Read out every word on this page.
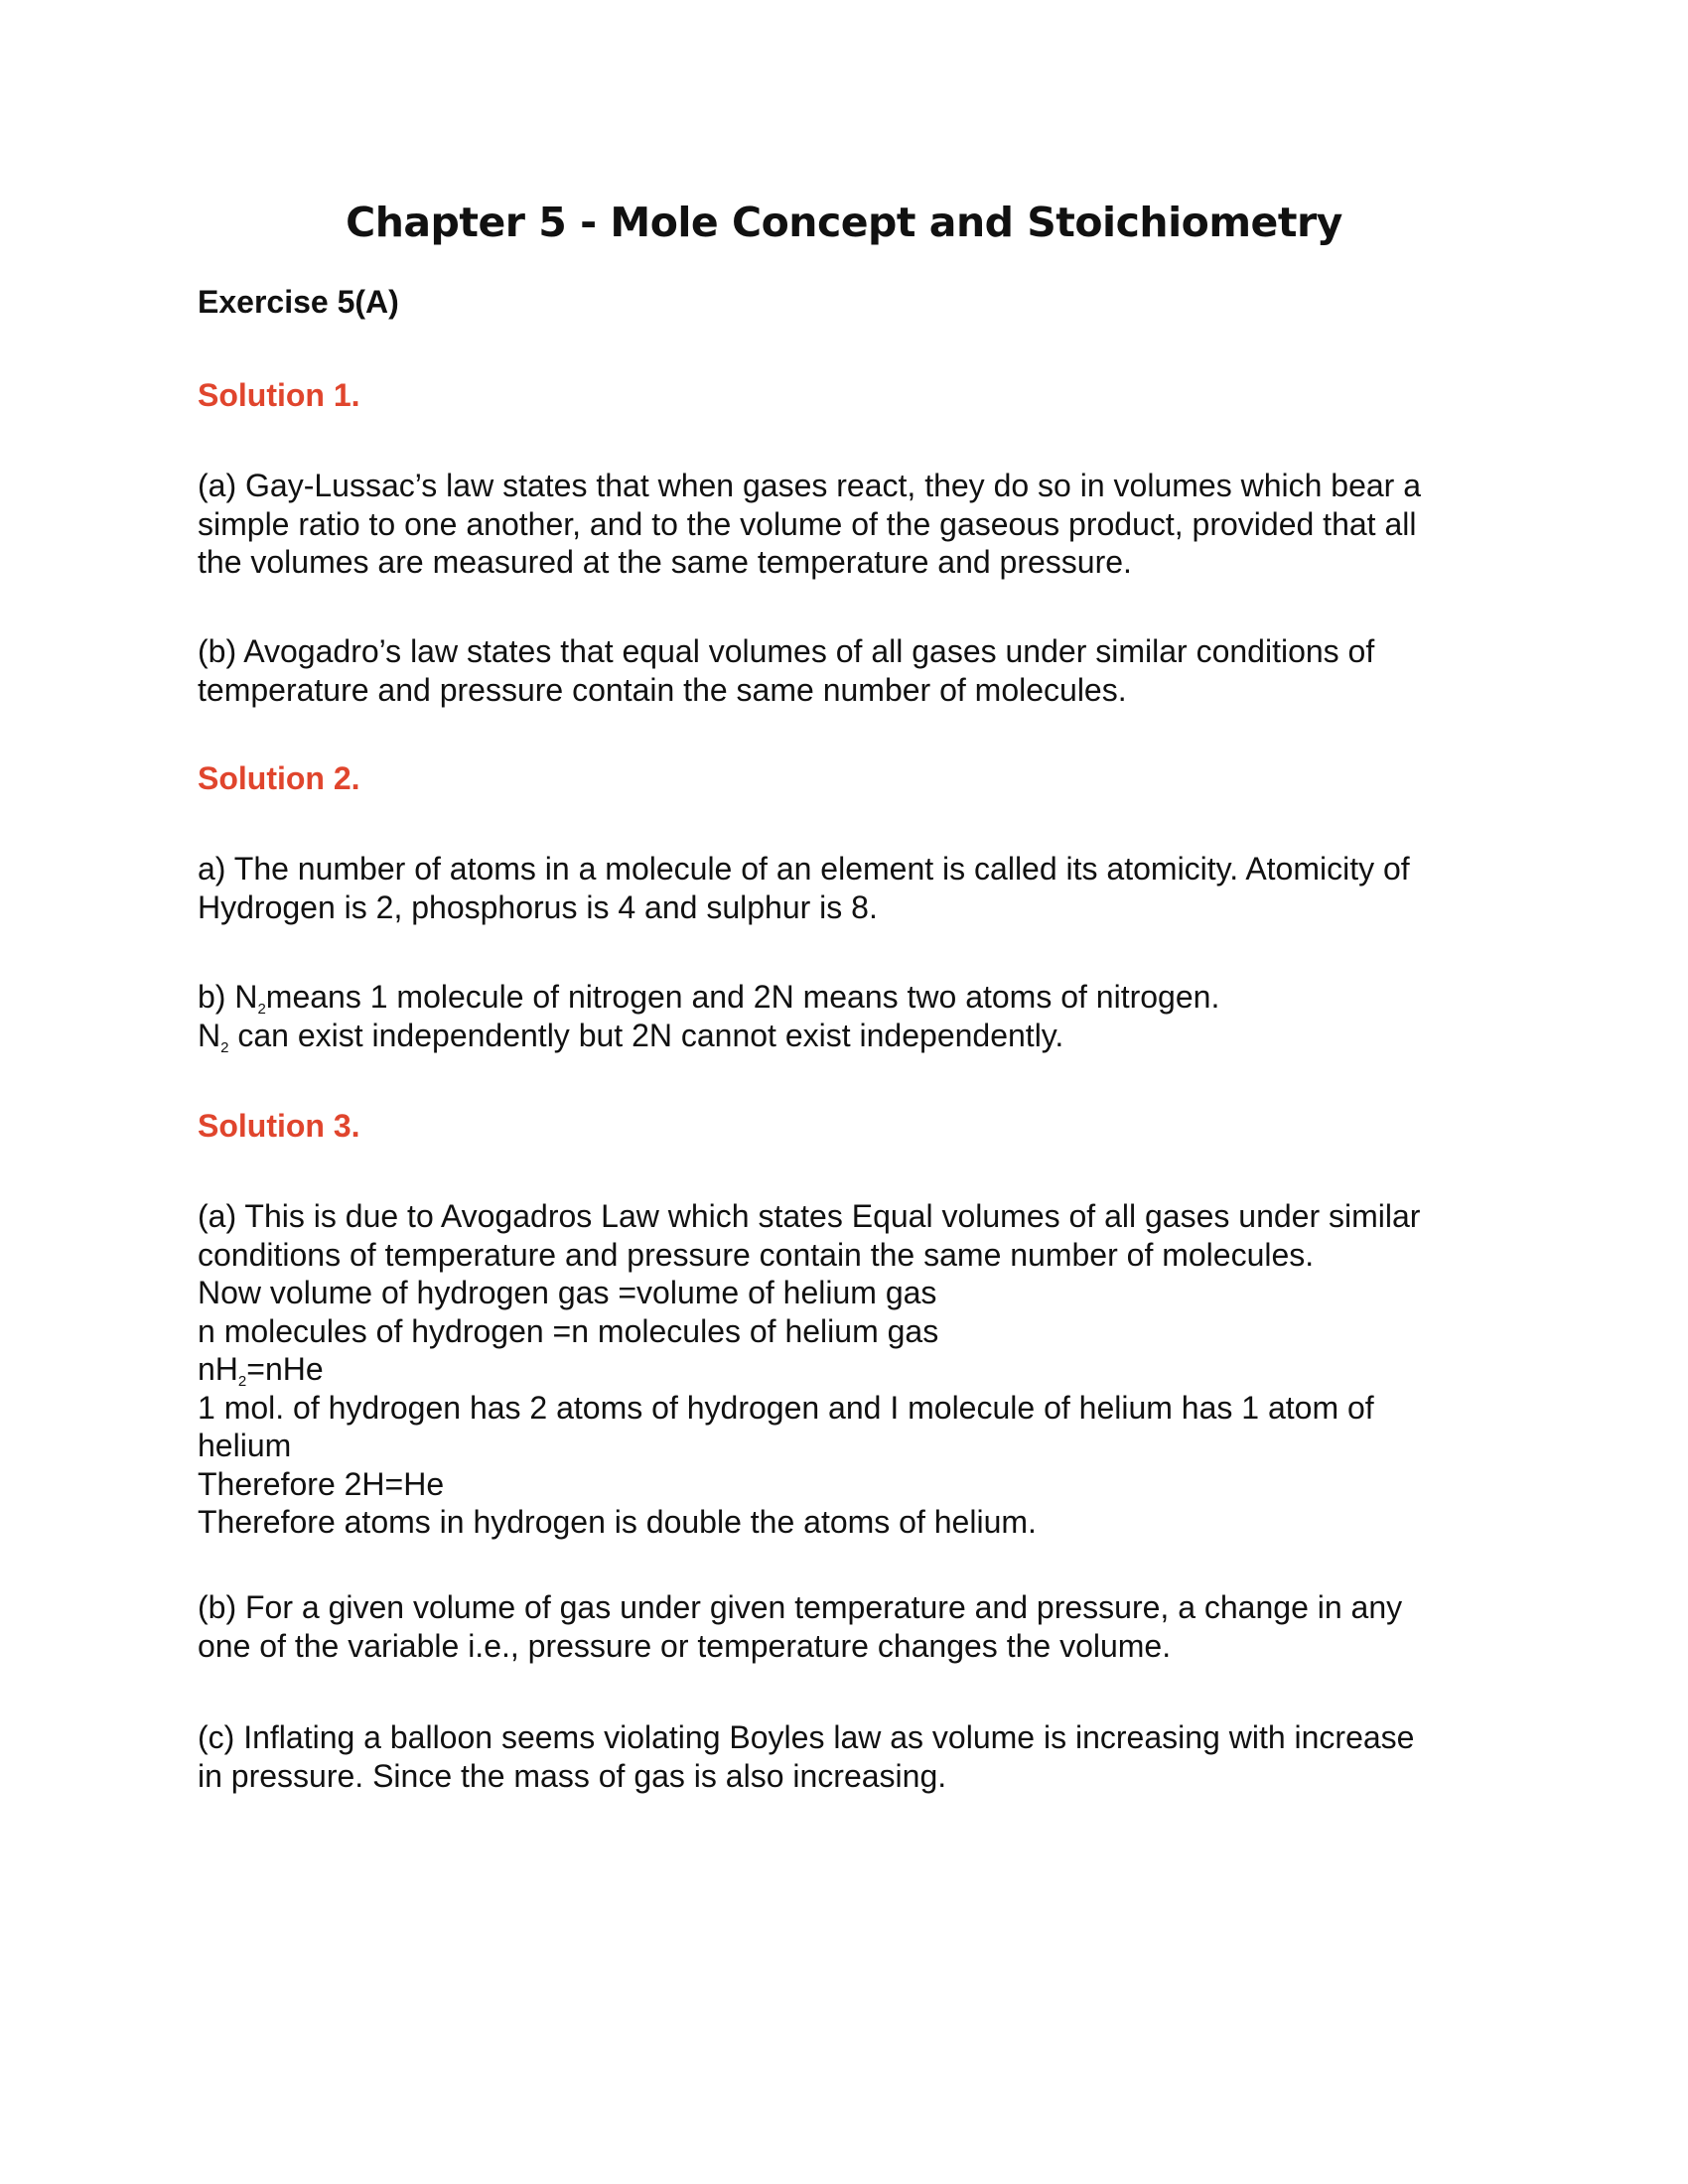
Chapter 5 - Mole Concept and Stoichiometry
Exercise 5(A)
Solution 1.
(a) Gay-Lussac’s law states that when gases react, they do so in volumes which bear a
simple ratio to one another, and to the volume of the gaseous product, provided that all
the volumes are measured at the same temperature and pressure.
(b) Avogadro’s law states that equal volumes of all gases under similar conditions of
temperature and pressure contain the same number of molecules.
Solution 2.
a) The number of atoms in a molecule of an element is called its atomicity. Atomicity of
Hydrogen is 2, phosphorus is 4 and sulphur is 8.
b) $N_2means$ 1 molecule of nitrogen and 2N means two atoms of nitrogen.
$N_2$ can exist independently but 2N cannot exist independently.
Solution 3.
(a) This is due to Avogadros Law which states Equal volumes of all gases under similar
conditions of temperature and pressure contain the same number of molecules.
Now volume of hydrogen gas =volume of helium gas
n molecules of hydrogen =n molecules of helium gas
$nH_2=nHe$
1 mol. of hydrogen has 2 atoms of hydrogen and I molecule of helium has 1 atom of
helium
Therefore 2H=He
Therefore atoms in hydrogen is double the atoms of helium.
(b) For a given volume of gas under given temperature and pressure, a change in any
one of the variable i.e., pressure or temperature changes the volume.
(c) Inflating a balloon seems violating Boyles law as volume is increasing with increase
in pressure. Since the mass of gas is also increasing.
